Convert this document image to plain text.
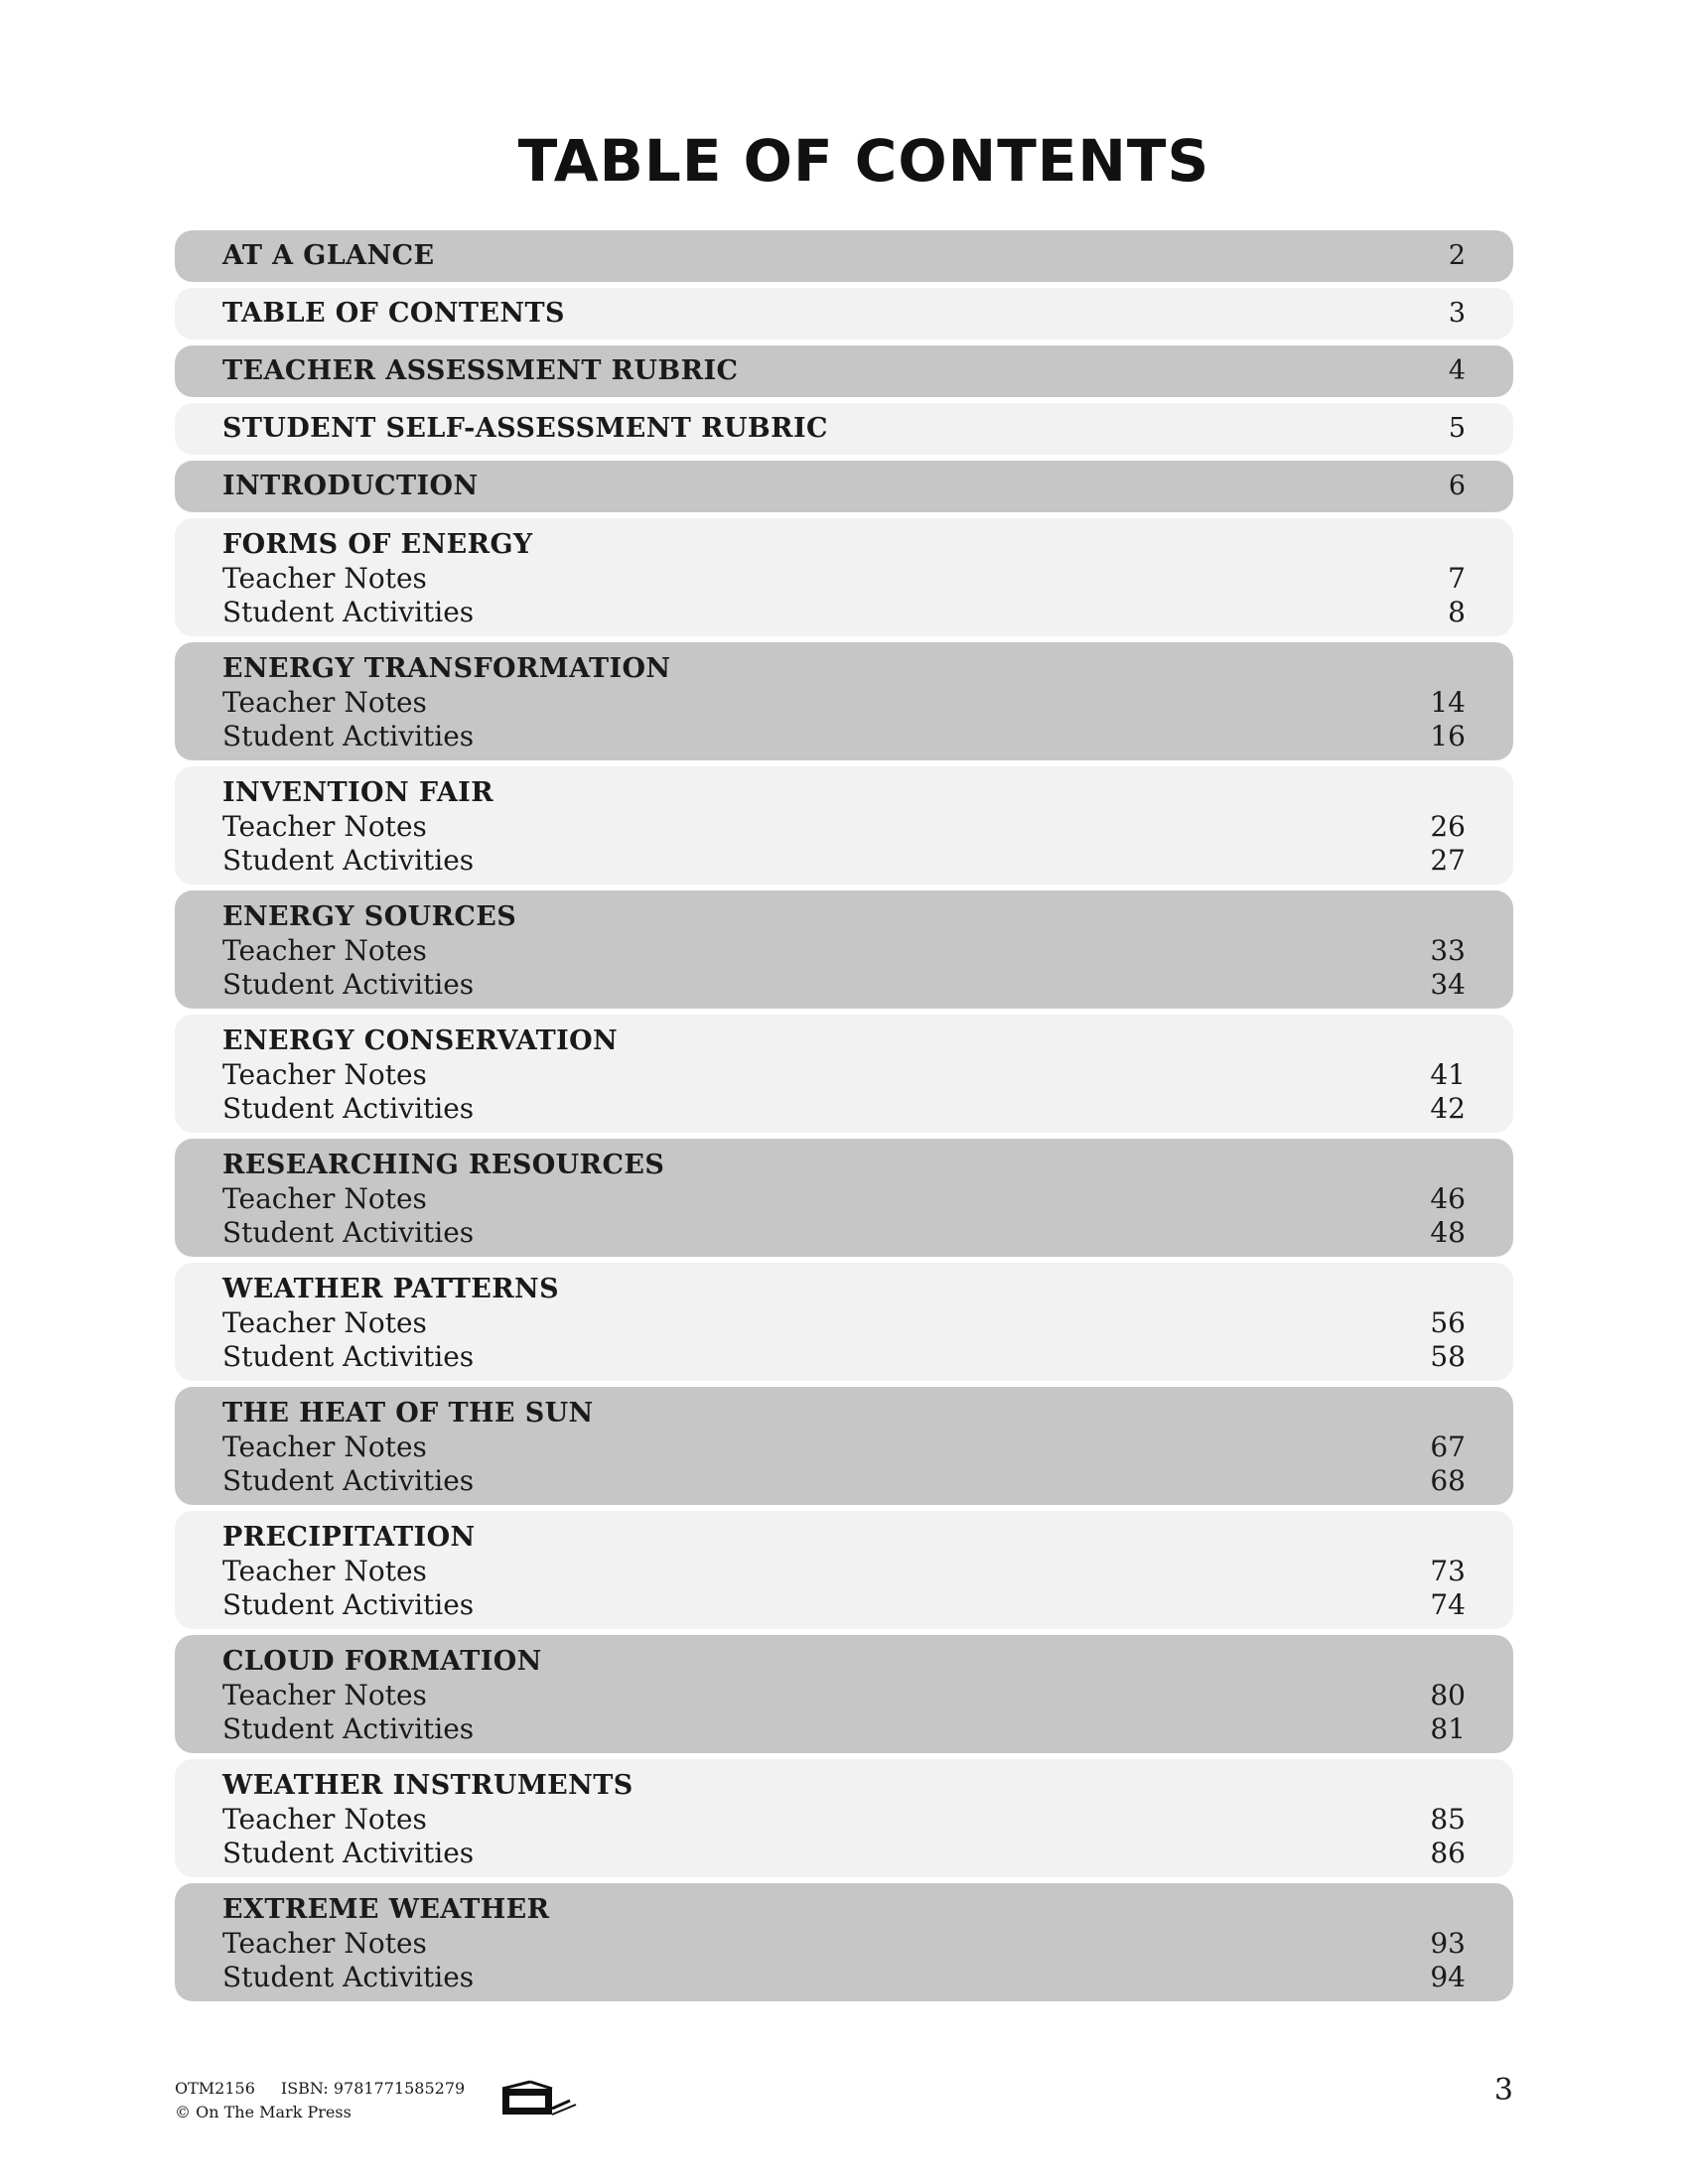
TABLE OF CONTENTS
AT A GLANCE	2
TABLE OF CONTENTS	3
TEACHER ASSESSMENT RUBRIC	4
STUDENT SELF-ASSESSMENT RUBRIC	5
INTRODUCTION	6
FORMS OF ENERGY
Teacher Notes	7
Student Activities	8
ENERGY TRANSFORMATION
Teacher Notes	14
Student Activities	16
INVENTION FAIR
Teacher Notes	26
Student Activities	27
ENERGY SOURCES
Teacher Notes	33
Student Activities	34
ENERGY CONSERVATION
Teacher Notes	41
Student Activities	42
RESEARCHING RESOURCES
Teacher Notes	46
Student Activities	48
WEATHER PATTERNS
Teacher Notes	56
Student Activities	58
THE HEAT OF THE SUN
Teacher Notes	67
Student Activities	68
PRECIPITATION
Teacher Notes	73
Student Activities	74
CLOUD FORMATION
Teacher Notes	80
Student Activities	81
WEATHER INSTRUMENTS
Teacher Notes	85
Student Activities	86
EXTREME WEATHER
Teacher Notes	93
Student Activities	94
OTM2156 ISBN: 9781771585279
© On The Mark Press
3
